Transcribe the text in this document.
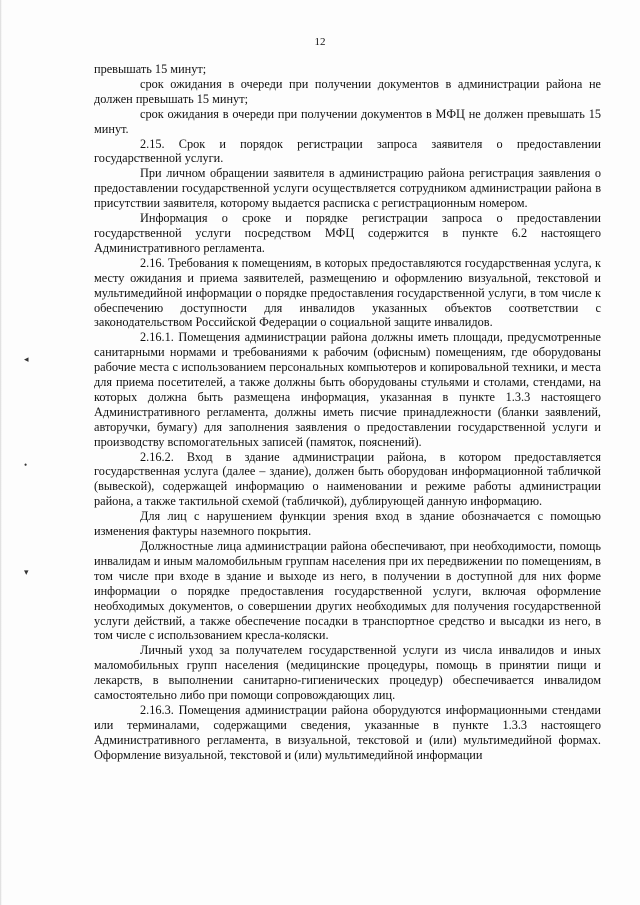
12
◂
•
▾

превышать 15 минут;

срок ожидания в очереди при получении документов в администрации района не должен превышать 15 минут;

срок ожидания в очереди при получении документов в МФЦ не должен превышать 15 минут.

2.15. Срок и порядок регистрации запроса заявителя о предоставлении государственной услуги.

При личном обращении заявителя в администрацию района регистрация заявления о предоставлении государственной услуги осуществляется сотрудником администрации района в присутствии заявителя, которому выдается расписка с регистрационным номером.

Информация о сроке и порядке регистрации запроса о предоставлении государственной услуги посредством МФЦ содержится в пункте 6.2 настоящего Административного регламента.

2.16. Требования к помещениям, в которых предоставляются государственная услуга, к месту ожидания и приема заявителей, размещению и оформлению визуальной, текстовой и мультимедийной информации о порядке предоставления государственной услуги, в том числе к обеспечению доступности для инвалидов указанных объектов соответствии с законодательством Российской Федерации о социальной защите инвалидов.

2.16.1. Помещения администрации района должны иметь площади, предусмотренные санитарными нормами и требованиями к рабочим (офисным) помещениям, где оборудованы рабочие места с использованием персональных компьютеров и копировальной техники, и места для приема посетителей, а также должны быть оборудованы стульями и столами, стендами, на которых должна быть размещена информация, указанная в пункте 1.3.3 настоящего Административного регламента, должны иметь писчие принадлежности (бланки заявлений, авторучки, бумагу) для заполнения заявления о предоставлении государственной услуги и производству вспомогательных записей (памяток, пояснений).

2.16.2. Вход в здание администрации района, в котором предоставляется государственная услуга (далее – здание), должен быть оборудован информационной табличкой (вывеской), содержащей информацию о наименовании и режиме работы администрации района, а также тактильной схемой (табличкой), дублирующей данную информацию.

Для лиц с нарушением функции зрения вход в здание обозначается с помощью изменения фактуры наземного покрытия.

Должностные лица администрации района обеспечивают, при необходимости, помощь инвалидам и иным маломобильным группам населения при их передвижении по помещениям, в том числе при входе в здание и выходе из него, в получении в доступной для них форме информации о порядке предоставления государственной услуги, включая оформление необходимых документов, о совершении других необходимых для получения государственной услуги действий, а также обеспечение посадки в транспортное средство и высадки из него, в том числе с использованием кресла-коляски.

Личный уход за получателем государственной услуги из числа инвалидов и иных маломобильных групп населения (медицинские процедуры, помощь в принятии пищи и лекарств, в выполнении санитарно-гигиенических процедур) обеспечивается инвалидом самостоятельно либо при помощи сопровождающих лиц.

2.16.3. Помещения администрации района оборудуются информационными стендами или терминалами, содержащими сведения, указанные в пункте 1.3.3 настоящего Административного регламента, в визуальной, текстовой и (или) мультимедийной формах. Оформление визуальной, текстовой и (или) мультимедийной информации
